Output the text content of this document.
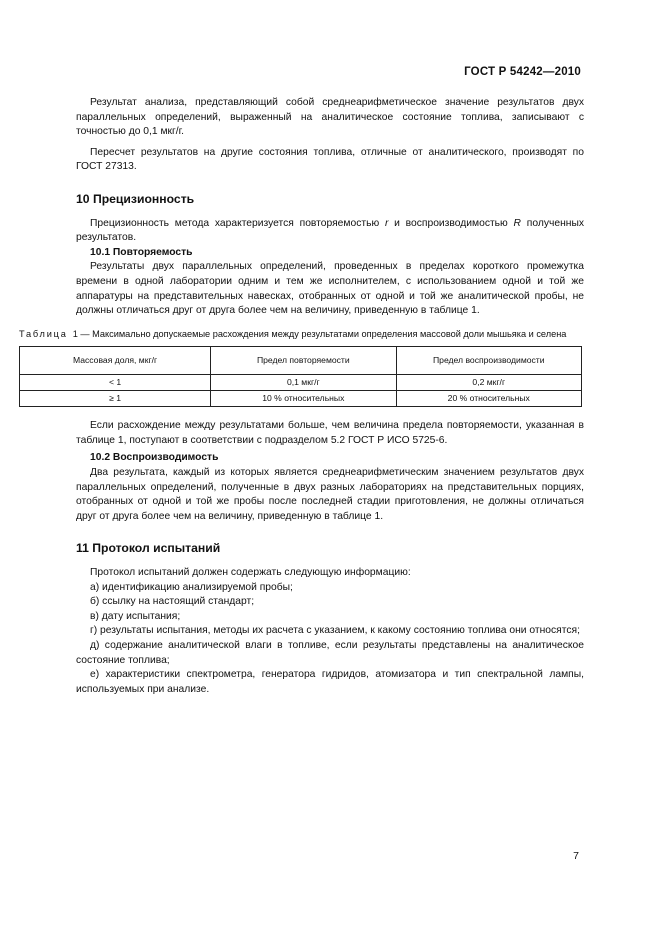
ГОСТ Р 54242—2010

Результат анализа, представляющий собой среднеарифметическое значение результатов двух параллельных определений, выраженный на аналитическое состояние топлива, записывают с точностью до 0,1 мкг/г.

Пересчет результатов на другие состояния топлива, отличные от аналитического, производят по ГОСТ 27313.

10 Прецизионность

Прецизионность метода характеризуется повторяемостью r и воспроизводимостью R полученных результатов.

10.1 Повторяемость

Результаты двух параллельных определений, проведенных в пределах короткого промежутка времени в одной лаборатории одним и тем же исполнителем, с использованием одной и той же аппаратуры на представительных навесках, отобранных от одной и той же аналитической пробы, не должны отличаться друг от друга более чем на величину, приведенную в таблице 1.

Таблица 1 — Максимально допускаемые расхождения между результатами определения массовой доли мышьяка и селена

Массовая доля, мкг/г	Предел повторяемости	Предел воспроизводимости
< 1	0,1 мкг/г	0,2 мкг/г
≥ 1	10 % относительных	20 % относительных

Если расхождение между результатами больше, чем величина предела повторяемости, указанная в таблице 1, поступают в соответствии с подразделом 5.2 ГОСТ Р ИСО 5725-6.

10.2 Воспроизводимость

Два результата, каждый из которых является среднеарифметическим значением результатов двух параллельных определений, полученные в двух разных лабораториях на представительных порциях, отобранных от одной и той же пробы после последней стадии приготовления, не должны отличаться друг от друга более чем на величину, приведенную в таблице 1.

11 Протокол испытаний

Протокол испытаний должен содержать следующую информацию:

а) идентификацию анализируемой пробы;

б) ссылку на настоящий стандарт;

в) дату испытания;

г) результаты испытания, методы их расчета с указанием, к какому состоянию топлива они относятся;

д) содержание аналитической влаги в топливе, если результаты представлены на аналитическое состояние топлива;

е) характеристики спектрометра, генератора гидридов, атомизатора и тип спектральной лампы, используемых при анализе.

7
